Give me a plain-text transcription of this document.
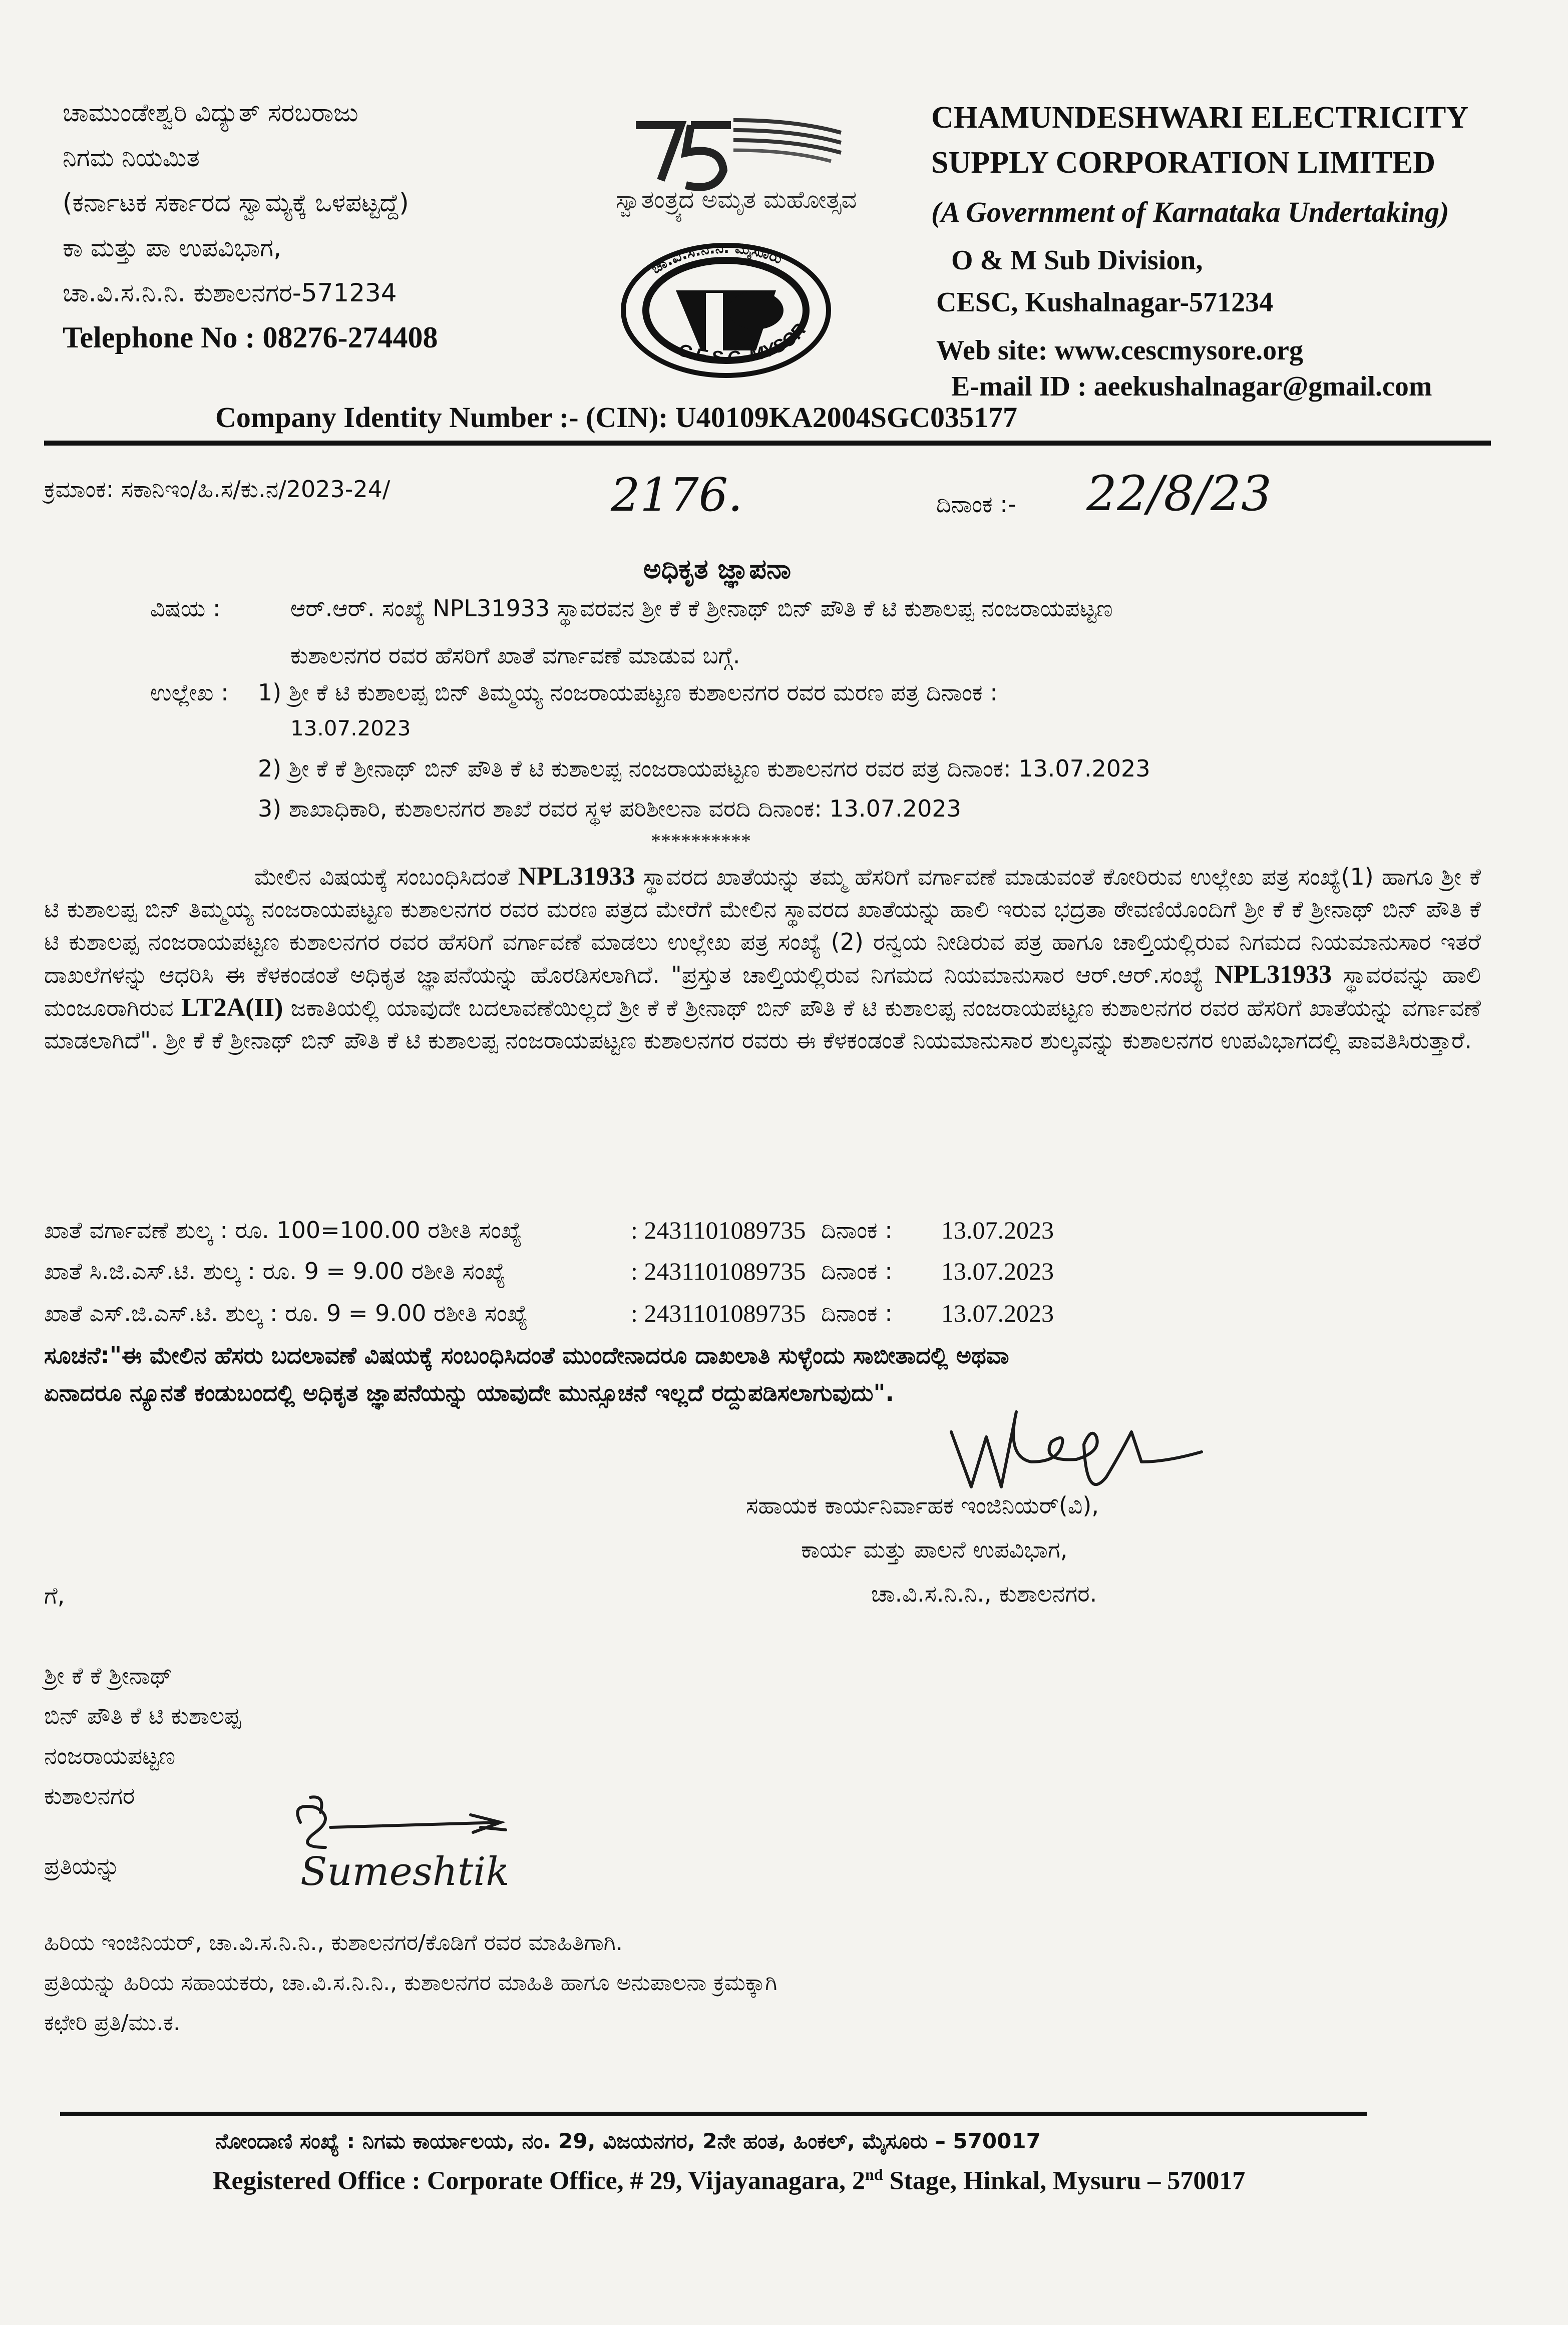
ಚಾಮುಂಡೇಶ್ವರಿ ವಿದ್ಯುತ್ ಸರಬರಾಜು
ನಿಗಮ ನಿಯಮಿತ
(ಕರ್ನಾಟಕ ಸರ್ಕಾರದ ಸ್ವಾಮ್ಯಕ್ಕೆ ಒಳಪಟ್ಟದ್ದೆ)
ಕಾ ಮತ್ತು ಪಾ ಉಪವಿಭಾಗ,
ಚಾ.ವಿ.ಸ.ನಿ.ನಿ. ಕುಶಾಲನಗರ-571234
Telephone No : 08276-274408
ಸ್ವಾತಂತ್ರ್ಯದ ಅಮೃತ ಮಹೋತ್ಸವ
ಚಾ.ವಿ.ಸ.ನಿ.ನಿ. ಮೈಸೂರು
C.E.S.C. MYSOR
CHAMUNDESHWARI ELECTRICITY
SUPPLY CORPORATION LIMITED
(A Government of Karnataka Undertaking)
O & M Sub Division,
CESC, Kushalnagar-571234
Web site: www.cescmysore.org
E-mail ID : aeekushalnagar@gmail.com
Company Identity Number :- (CIN): U40109KA2004SGC035177
ಕ್ರಮಾಂಕ: ಸಕಾನಿಇಂ/ಹಿ.ಸ/ಕು.ನ/2023-24/	2176.	ದಿನಾಂಕ :- 22/8/23
ಅಧಿಕೃತ ಜ್ಞಾಪನಾ
ವಿಷಯ :	ಆರ್.ಆರ್. ಸಂಖ್ಯೆ NPL31933 ಸ್ಥಾವರವನ ಶ್ರೀ ಕೆ ಕೆ ಶ್ರೀನಾಥ್ ಬಿನ್ ಪೌತಿ ಕೆ ಟಿ ಕುಶಾಲಪ್ಪ ನಂಜರಾಯಪಟ್ಟಣ
ಕುಶಾಲನಗರ ರವರ ಹೆಸರಿಗೆ ಖಾತೆ ವರ್ಗಾವಣೆ ಮಾಡುವ ಬಗ್ಗೆ.
ಉಲ್ಲೇಖ : 1) ಶ್ರೀ ಕೆ ಟಿ ಕುಶಾಲಪ್ಪ ಬಿನ್ ತಿಮ್ಮಯ್ಯ ನಂಜರಾಯಪಟ್ಟಣ ಕುಶಾಲನಗರ ರವರ ಮರಣ ಪತ್ರ ದಿನಾಂಕ :
13.07.2023
2) ಶ್ರೀ ಕೆ ಕೆ ಶ್ರೀನಾಥ್ ಬಿನ್ ಪೌತಿ ಕೆ ಟಿ ಕುಶಾಲಪ್ಪ ನಂಜರಾಯಪಟ್ಟಣ ಕುಶಾಲನಗರ ರವರ ಪತ್ರ ದಿನಾಂಕ: 13.07.2023
3) ಶಾಖಾಧಿಕಾರಿ, ಕುಶಾಲನಗರ ಶಾಖೆ ರವರ ಸ್ಥಳ ಪರಿಶೀಲನಾ ವರದಿ ದಿನಾಂಕ: 13.07.2023
**********
ಮೇಲಿನ ವಿಷಯಕ್ಕೆ ಸಂಬಂಧಿಸಿದಂತೆ NPL31933 ಸ್ಥಾವರದ ಖಾತೆಯನ್ನು ತಮ್ಮ ಹೆಸರಿಗೆ ವರ್ಗಾವಣೆ ಮಾಡುವಂತೆ ಕೋರಿರುವ ಉಲ್ಲೇಖ ಪತ್ರ ಸಂಖ್ಯೆ(1) ಹಾಗೂ ಶ್ರೀ ಕೆ ಟಿ ಕುಶಾಲಪ್ಪ ಬಿನ್ ತಿಮ್ಮಯ್ಯ ನಂಜರಾಯಪಟ್ಟಣ ಕುಶಾಲನಗರ ರವರ ಮರಣ ಪತ್ರದ ಮೇರೆಗೆ ಮೇಲಿನ ಸ್ಥಾವರದ ಖಾತೆಯನ್ನು ಹಾಲಿ ಇರುವ ಭದ್ರತಾ ಠೇವಣಿಯೊಂದಿಗೆ ಶ್ರೀ ಕೆ ಕೆ ಶ್ರೀನಾಥ್ ಬಿನ್ ಪೌತಿ ಕೆ ಟಿ ಕುಶಾಲಪ್ಪ ನಂಜರಾಯಪಟ್ಟಣ ಕುಶಾಲನಗರ ರವರ ಹೆಸರಿಗೆ ವರ್ಗಾವಣೆ ಮಾಡಲು ಉಲ್ಲೇಖ ಪತ್ರ ಸಂಖ್ಯೆ (2) ರನ್ವಯ ನೀಡಿರುವ ಪತ್ರ ಹಾಗೂ ಚಾಲ್ತಿಯಲ್ಲಿರುವ ನಿಗಮದ ನಿಯಮಾನುಸಾರ ಇತರೆ ದಾಖಲೆಗಳನ್ನು ಆಧರಿಸಿ ಈ ಕೆಳಕಂಡಂತೆ ಅಧಿಕೃತ ಜ್ಞಾಪನೆಯನ್ನು ಹೊರಡಿಸಲಾಗಿದೆ. "ಪ್ರಸ್ತುತ ಚಾಲ್ತಿಯಲ್ಲಿರುವ ನಿಗಮದ ನಿಯಮಾನುಸಾರ ಆರ್.ಆರ್.ಸಂಖ್ಯೆ NPL31933 ಸ್ಥಾವರವನ್ನು ಹಾಲಿ ಮಂಜೂರಾಗಿರುವ LT2A(II) ಜಕಾತಿಯಲ್ಲಿ ಯಾವುದೇ ಬದಲಾವಣೆಯಿಲ್ಲದೆ ಶ್ರೀ ಕೆ ಕೆ ಶ್ರೀನಾಥ್ ಬಿನ್ ಪೌತಿ ಕೆ ಟಿ ಕುಶಾಲಪ್ಪ ನಂಜರಾಯಪಟ್ಟಣ ಕುಶಾಲನಗರ ರವರ ಹೆಸರಿಗೆ ಖಾತೆಯನ್ನು ವರ್ಗಾವಣೆ ಮಾಡಲಾಗಿದೆ". ಶ್ರೀ ಕೆ ಕೆ ಶ್ರೀನಾಥ್ ಬಿನ್ ಪೌತಿ ಕೆ ಟಿ ಕುಶಾಲಪ್ಪ ನಂಜರಾಯಪಟ್ಟಣ ಕುಶಾಲನಗರ ರವರು ಈ ಕೆಳಕಂಡಂತೆ ನಿಯಮಾನುಸಾರ ಶುಲ್ಕವನ್ನು ಕುಶಾಲನಗರ ಉಪವಿಭಾಗದಲ್ಲಿ ಪಾವತಿಸಿರುತ್ತಾರೆ.
ಖಾತೆ ವರ್ಗಾವಣೆ ಶುಲ್ಕ : ರೂ. 100=100.00 ರಶೀತಿ ಸಂಖ್ಯೆ	: 2431101089735 ದಿನಾಂಕ : 13.07.2023
ಖಾತೆ ಸಿ.ಜಿ.ಎಸ್.ಟಿ. ಶುಲ್ಕ : ರೂ. 9 = 9.00 ರಶೀತಿ ಸಂಖ್ಯೆ	: 2431101089735 ದಿನಾಂಕ : 13.07.2023
ಖಾತೆ ಎಸ್.ಜಿ.ಎಸ್.ಟಿ. ಶುಲ್ಕ : ರೂ. 9 = 9.00 ರಶೀತಿ ಸಂಖ್ಯೆ	: 2431101089735 ದಿನಾಂಕ : 13.07.2023
ಸೂಚನೆ:"ಈ ಮೇಲಿನ ಹೆಸರು ಬದಲಾವಣೆ ವಿಷಯಕ್ಕೆ ಸಂಬಂಧಿಸಿದಂತೆ ಮುಂದೇನಾದರೂ ದಾಖಲಾತಿ ಸುಳ್ಳೆಂದು ಸಾಬೀತಾದಲ್ಲಿ ಅಥವಾ
ಏನಾದರೂ ನ್ಯೂನತೆ ಕಂಡುಬಂದಲ್ಲಿ ಅಧಿಕೃತ ಜ್ಞಾಪನೆಯನ್ನು ಯಾವುದೇ ಮುನ್ಸೂಚನೆ ಇಲ್ಲದೆ ರದ್ದುಪಡಿಸಲಾಗುವುದು".
ಸಹಾಯಕ ಕಾರ್ಯನಿರ್ವಾಹಕ ಇಂಜಿನಿಯರ್(ವಿ),
ಕಾರ್ಯ ಮತ್ತು ಪಾಲನೆ ಉಪವಿಭಾಗ,
ಚಾ.ವಿ.ಸ.ನಿ.ನಿ., ಕುಶಾಲನಗರ.
ಗೆ,
ಶ್ರೀ ಕೆ ಕೆ ಶ್ರೀನಾಥ್
ಬಿನ್ ಪೌತಿ ಕೆ ಟಿ ಕುಶಾಲಪ್ಪ
ನಂಜರಾಯಪಟ್ಟಣ
ಕುಶಾಲನಗರ
Sumeshtik
ಪ್ರತಿಯನ್ನು
ಹಿರಿಯ ಇಂಜಿನಿಯರ್, ಚಾ.ವಿ.ಸ.ನಿ.ನಿ., ಕುಶಾಲನಗರ/ಕೊಡಿಗೆ ರವರ ಮಾಹಿತಿಗಾಗಿ.
ಪ್ರತಿಯನ್ನು ಹಿರಿಯ ಸಹಾಯಕರು, ಚಾ.ವಿ.ಸ.ನಿ.ನಿ., ಕುಶಾಲನಗರ ಮಾಹಿತಿ ಹಾಗೂ ಅನುಪಾಲನಾ ಕ್ರಮಕ್ಕಾಗಿ
ಕಛೇರಿ ಪ್ರತಿ/ಮು.ಕ.
ನೋಂದಾಣಿ ಸಂಖ್ಯೆ : ನಿಗಮ ಕಾರ್ಯಾಲಯ, ನಂ. 29, ವಿಜಯನಗರ, 2ನೇ ಹಂತ, ಹಿಂಕಲ್, ಮೈಸೂರು – 570017
Registered Office : Corporate Office, # 29, Vijayanagara, 2nd Stage, Hinkal, Mysuru – 570017
